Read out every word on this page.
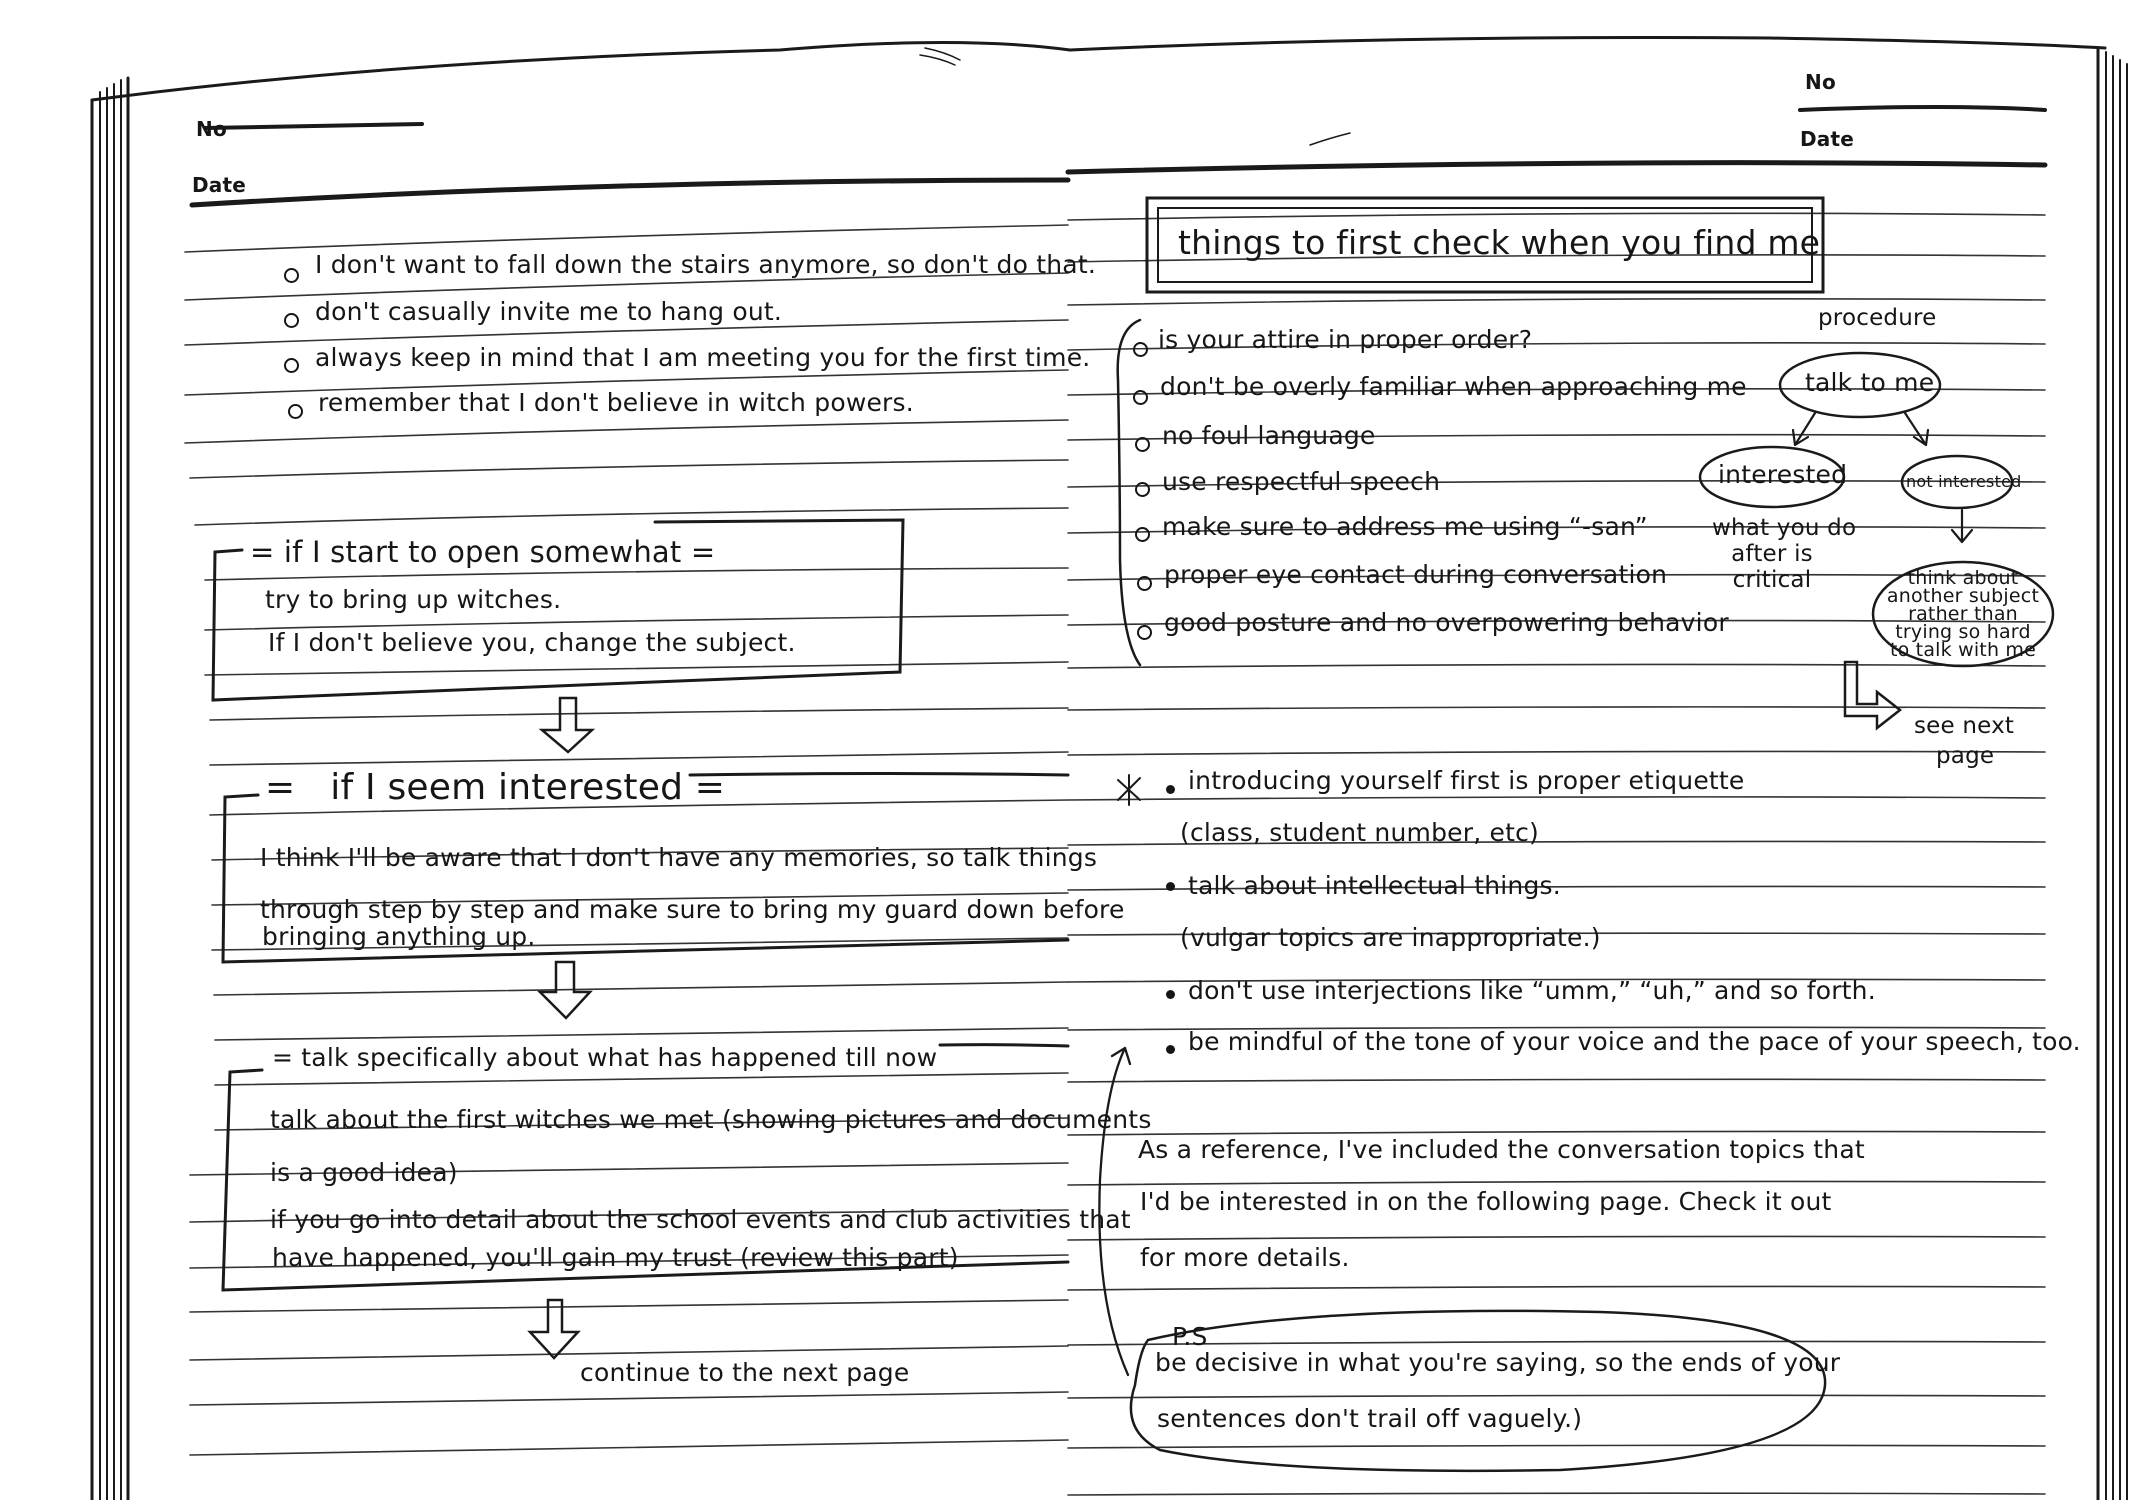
No
Date
I don't want to fall down the stairs anymore, so don't do that.
don't casually invite me to hang out.
always keep in mind that I am meeting you for the first time.
remember that I don't believe in witch powers.
= if I start to open somewhat =
try to bring up witches.
If I don't believe you, change the subject.
=   if I seem interested =
I think I'll be aware that I don't have any memories, so talk things
through step by step and make sure to bring my guard down before
bringing anything up.
= talk specifically about what has happened till now
talk about the first witches we met (showing pictures and documents
is a good idea)
if you go into detail about the school events and club activities that
have happened, you'll gain my trust (review this part)
continue to the next page
No
Date
things to first check when you find me
is your attire in proper order?
don't be overly familiar when approaching me
no foul language
use respectful speech
make sure to address me using “-san”
proper eye contact during conversation
good posture and no overpowering behavior
procedure
talk to me
interested	not interested
what you do
after is
critical	think about
another subject
rather than
trying so hard
to talk with me
see next
page
introducing yourself first is proper etiquette
(class, student number, etc)
talk about intellectual things.
(vulgar topics are inappropriate.)
don't use interjections like “umm,” “uh,” and so forth.
be mindful of the tone of your voice and the pace of your speech, too.
As a reference, I've included the conversation topics that
I'd be interested in on the following page. Check it out
for more details.
P.S
be decisive in what you're saying, so the ends of your
sentences don't trail off vaguely.)
